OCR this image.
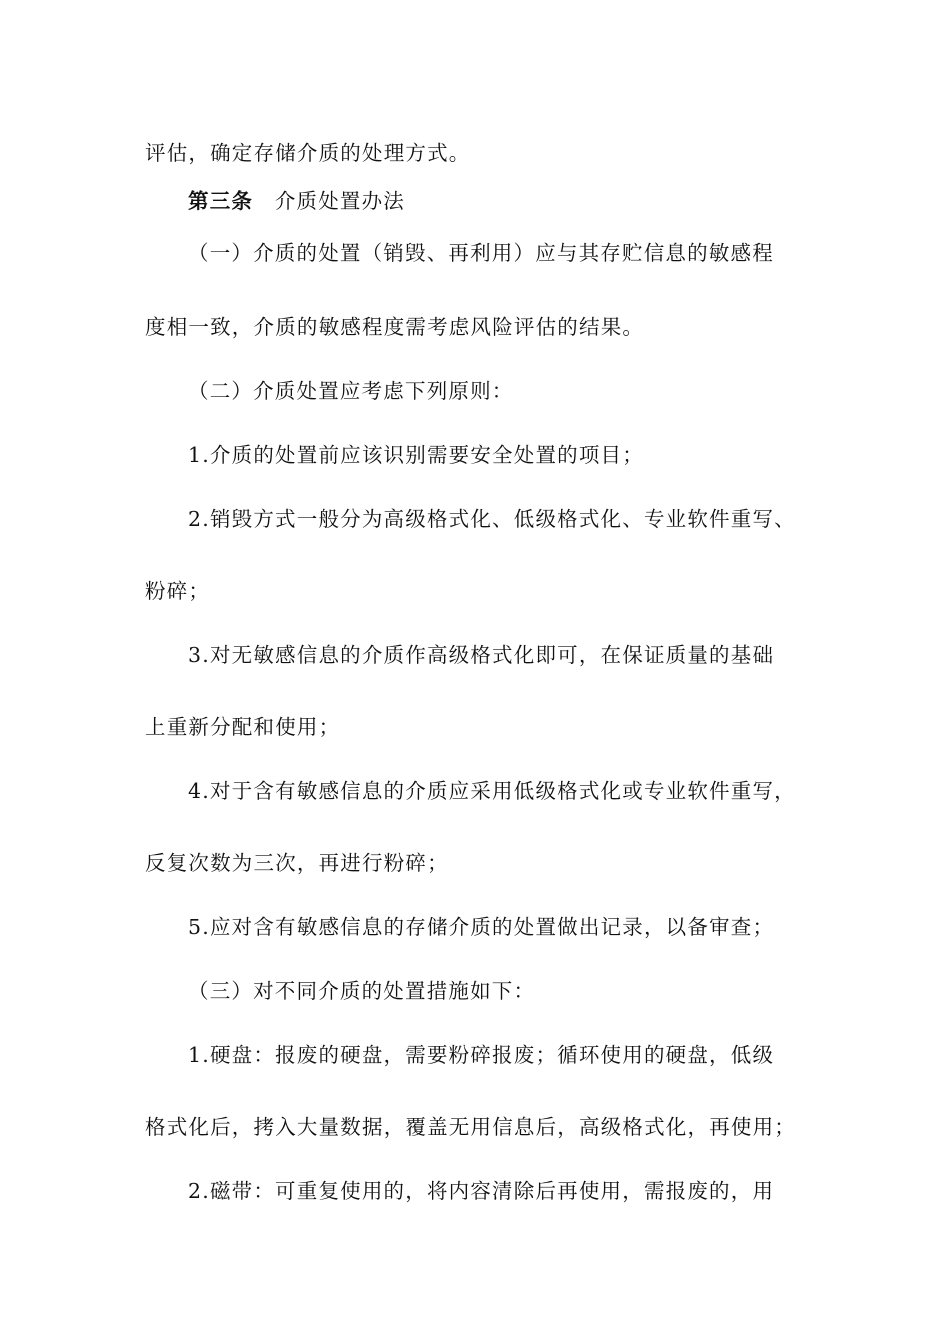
评估，确定存储介质的处理方式。
第三条  介质处置办法
（一）介质的处置（销毁、再利用）应与其存贮信息的敏感程
度相一致，介质的敏感程度需考虑风险评估的结果。
（二）介质处置应考虑下列原则：
1.介质的处置前应该识别需要安全处置的项目；
2.销毁方式一般分为高级格式化、低级格式化、专业软件重写、
粉碎；
3.对无敏感信息的介质作高级格式化即可，在保证质量的基础
上重新分配和使用；
4.对于含有敏感信息的介质应采用低级格式化或专业软件重写，
反复次数为三次，再进行粉碎；
5.应对含有敏感信息的存储介质的处置做出记录，以备审查；
（三）对不同介质的处置措施如下：
1.硬盘：报废的硬盘，需要粉碎报废；循环使用的硬盘，低级
格式化后，拷入大量数据，覆盖无用信息后，高级格式化，再使用；
2.磁带：可重复使用的，将内容清除后再使用，需报废的，用
